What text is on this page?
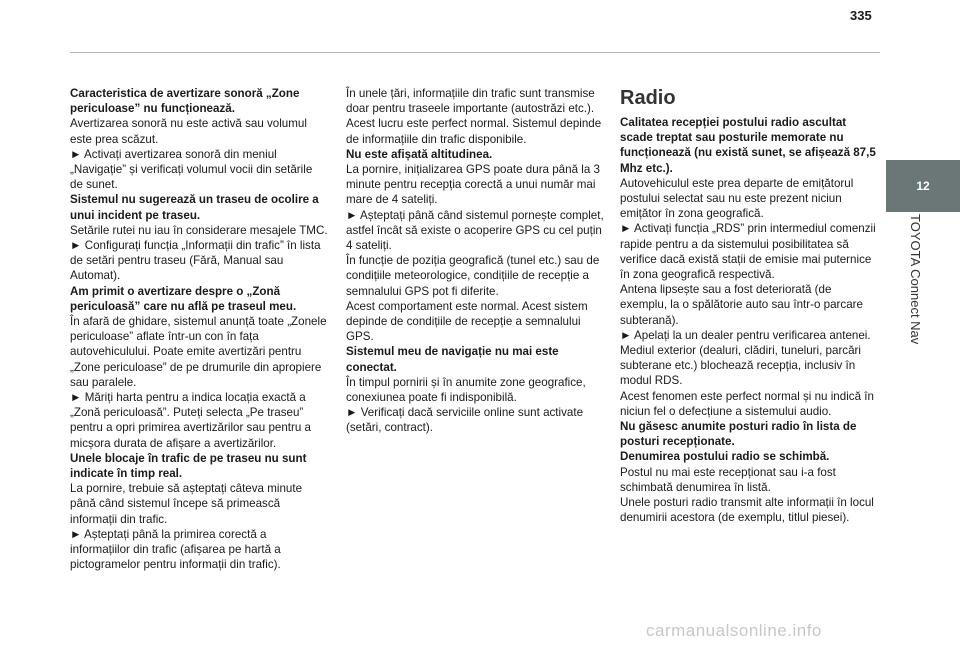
335
12
TOYOTA Connect Nav

Caracteristica de avertizare sonoră „Zone periculoase” nu funcționează.

Avertizarea sonoră nu este activă sau volumul este prea scăzut.

► Activați avertizarea sonoră din meniul „Navigație” și verificați volumul vocii din setările de sunet.

Sistemul nu sugerează un traseu de ocolire a unui incident pe traseu.

Setările rutei nu iau în considerare mesajele TMC.

► Configurați funcția „Informații din trafic” în lista de setări pentru traseu (Fără, Manual sau Automat).

Am primit o avertizare despre o „Zonă periculoasă” care nu află pe traseul meu.

În afară de ghidare, sistemul anunță toate „Zonele periculoase” aflate într-un con în fața autovehiculului. Poate emite avertizări pentru „Zone periculoase” de pe drumurile din apropiere sau paralele.

► Măriți harta pentru a indica locația exactă a „Zonă periculoasă”. Puteți selecta „Pe traseu” pentru a opri primirea avertizărilor sau pentru a micșora durata de afișare a avertizărilor.

Unele blocaje în trafic de pe traseu nu sunt indicate în timp real.

La pornire, trebuie să așteptați câteva minute până când sistemul începe să primească informații din trafic.

► Așteptați până la primirea corectă a informațiilor din trafic (afișarea pe hartă a pictogramelor pentru informații din trafic).

În unele țări, informațiile din trafic sunt transmise doar pentru traseele importante (autostrăzi etc.). Acest lucru este perfect normal. Sistemul depinde de informațiile din trafic disponibile.

Nu este afișată altitudinea.

La pornire, inițializarea GPS poate dura până la 3 minute pentru recepția corectă a unui număr mai mare de 4 sateliți.

► Așteptați până când sistemul pornește complet, astfel încât să existe o acoperire GPS cu cel puțin 4 sateliți.

În funcție de poziția geografică (tunel etc.) sau de condițiile meteorologice, condițiile de recepție a semnalului GPS pot fi diferite.

Acest comportament este normal. Acest sistem depinde de condițiile de recepție a semnalului GPS.

Sistemul meu de navigație nu mai este conectat.

În timpul pornirii și în anumite zone geografice, conexiunea poate fi indisponibilă.

► Verificați dacă serviciile online sunt activate (setări, contract).

Radio

Calitatea recepției postului radio ascultat scade treptat sau posturile memorate nu funcționează (nu există sunet, se afișează 87,5 Mhz etc.).

Autovehiculul este prea departe de emițătorul postului selectat sau nu este prezent niciun emițător în zona geografică.

► Activați funcția „RDS” prin intermediul comenzii rapide pentru a da sistemului posibilitatea să verifice dacă există stații de emisie mai puternice în zona geografică respectivă.

Antena lipsește sau a fost deteriorată (de exemplu, la o spălătorie auto sau într-o parcare subterană).

► Apelați la un dealer pentru verificarea antenei.

Mediul exterior (dealuri, clădiri, tuneluri, parcări subterane etc.) blochează recepția, inclusiv în modul RDS.

Acest fenomen este perfect normal și nu indică în niciun fel o defecțiune a sistemului audio.

Nu găsesc anumite posturi radio în lista de posturi recepționate.

Denumirea postului radio se schimbă.

Postul nu mai este recepționat sau i-a fost schimbată denumirea în listă.

Unele posturi radio transmit alte informații în locul denumirii acestora (de exemplu, titlul piesei).

carmanualsonline.info
